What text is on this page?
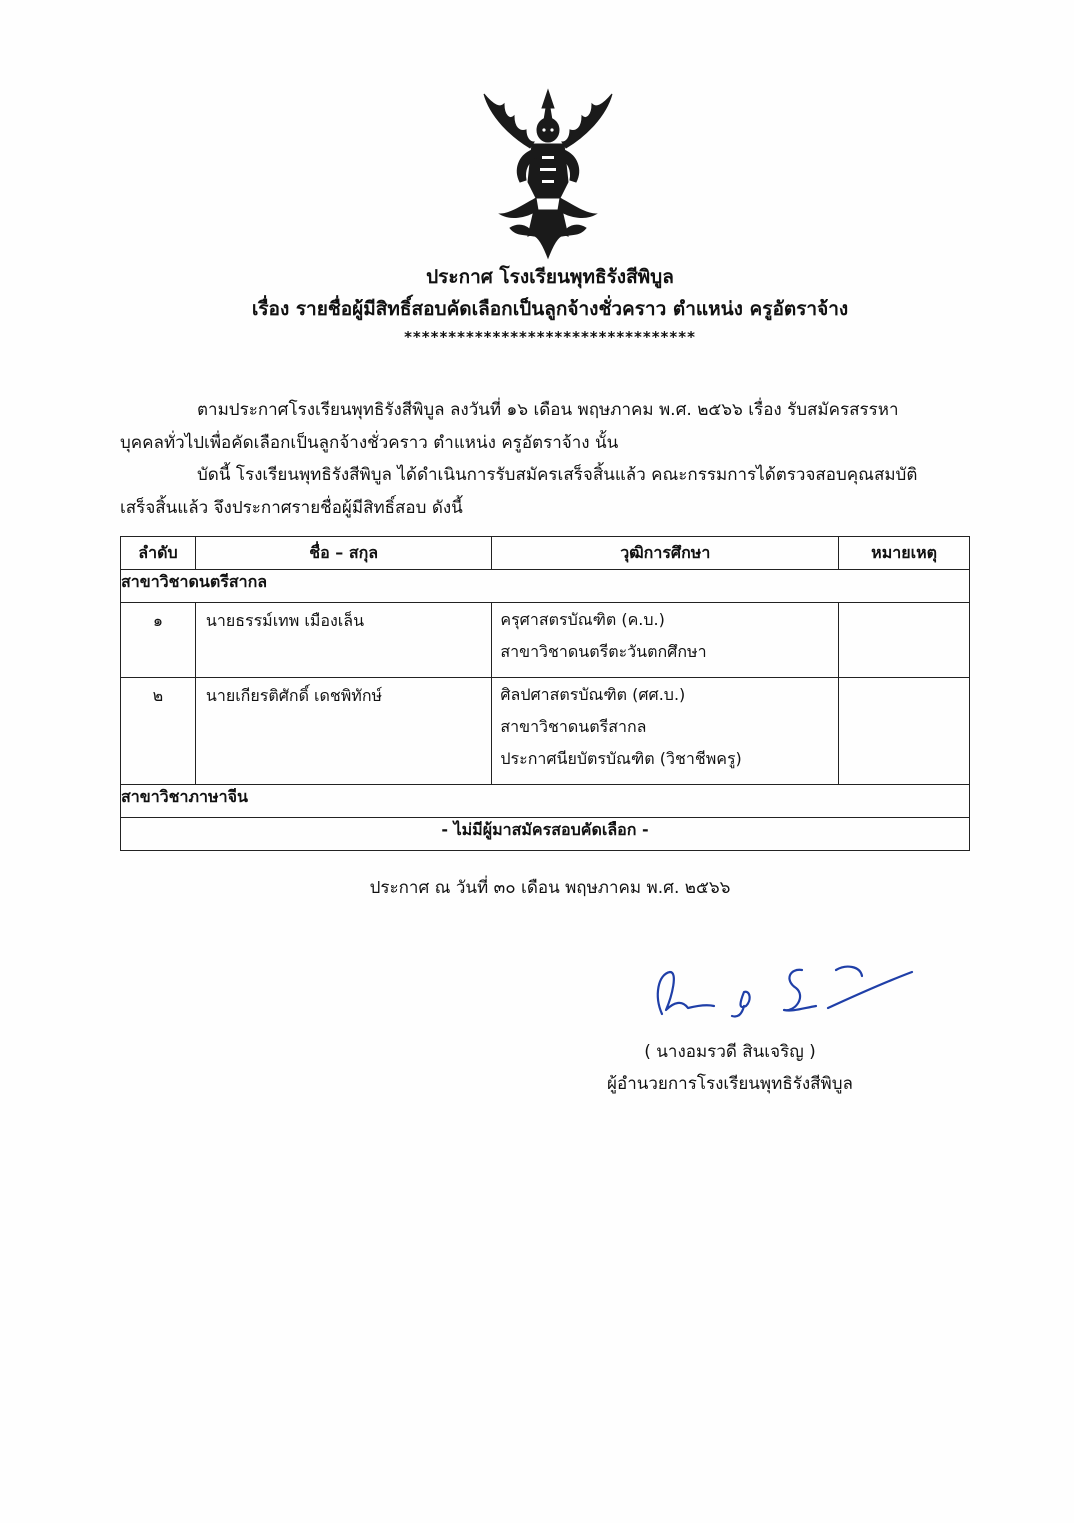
ประกาศ โรงเรียนพุทธิรังสีพิบูล
เรื่อง รายชื่อผู้มีสิทธิ์สอบคัดเลือกเป็นลูกจ้างชั่วคราว ตำแหน่ง ครูอัตราจ้าง
*********************************
ตามประกาศโรงเรียนพุทธิรังสีพิบูล ลงวันที่ ๑๖ เดือน พฤษภาคม พ.ศ. ๒๕๖๖ เรื่อง รับสมัครสรรหา
บุคคลทั่วไปเพื่อคัดเลือกเป็นลูกจ้างชั่วคราว ตำแหน่ง ครูอัตราจ้าง นั้น
บัดนี้ โรงเรียนพุทธิรังสีพิบูล ได้ดำเนินการรับสมัครเสร็จสิ้นแล้ว คณะกรรมการได้ตรวจสอบคุณสมบัติ
เสร็จสิ้นแล้ว จึงประกาศรายชื่อผู้มีสิทธิ์สอบ ดังนี้
ลำดับ	ชื่อ – สกุล	วุฒิการศึกษา	หมายเหตุ
สาขาวิชาดนตรีสากล			
๑	นายธรรม์เทพ เมืองเล็น	ครุศาสตรบัณฑิต (ค.บ.)
สาขาวิชาดนตรีตะวันตกศึกษา	

๒	นายเกียรติศักดิ์ เดชพิทักษ์	ศิลปศาสตรบัณฑิต (ศศ.บ.)
สาขาวิชาดนตรีสากล
ประกาศนียบัตรบัณฑิต (วิชาชีพครู)	

สาขาวิชาภาษาจีน			
- ไม่มีผู้มาสมัครสอบคัดเลือก -			
ประกาศ ณ วันที่ ๓๐ เดือน พฤษภาคม พ.ศ. ๒๕๖๖
( นางอมรวดี สินเจริญ )
ผู้อำนวยการโรงเรียนพุทธิรังสีพิบูล
